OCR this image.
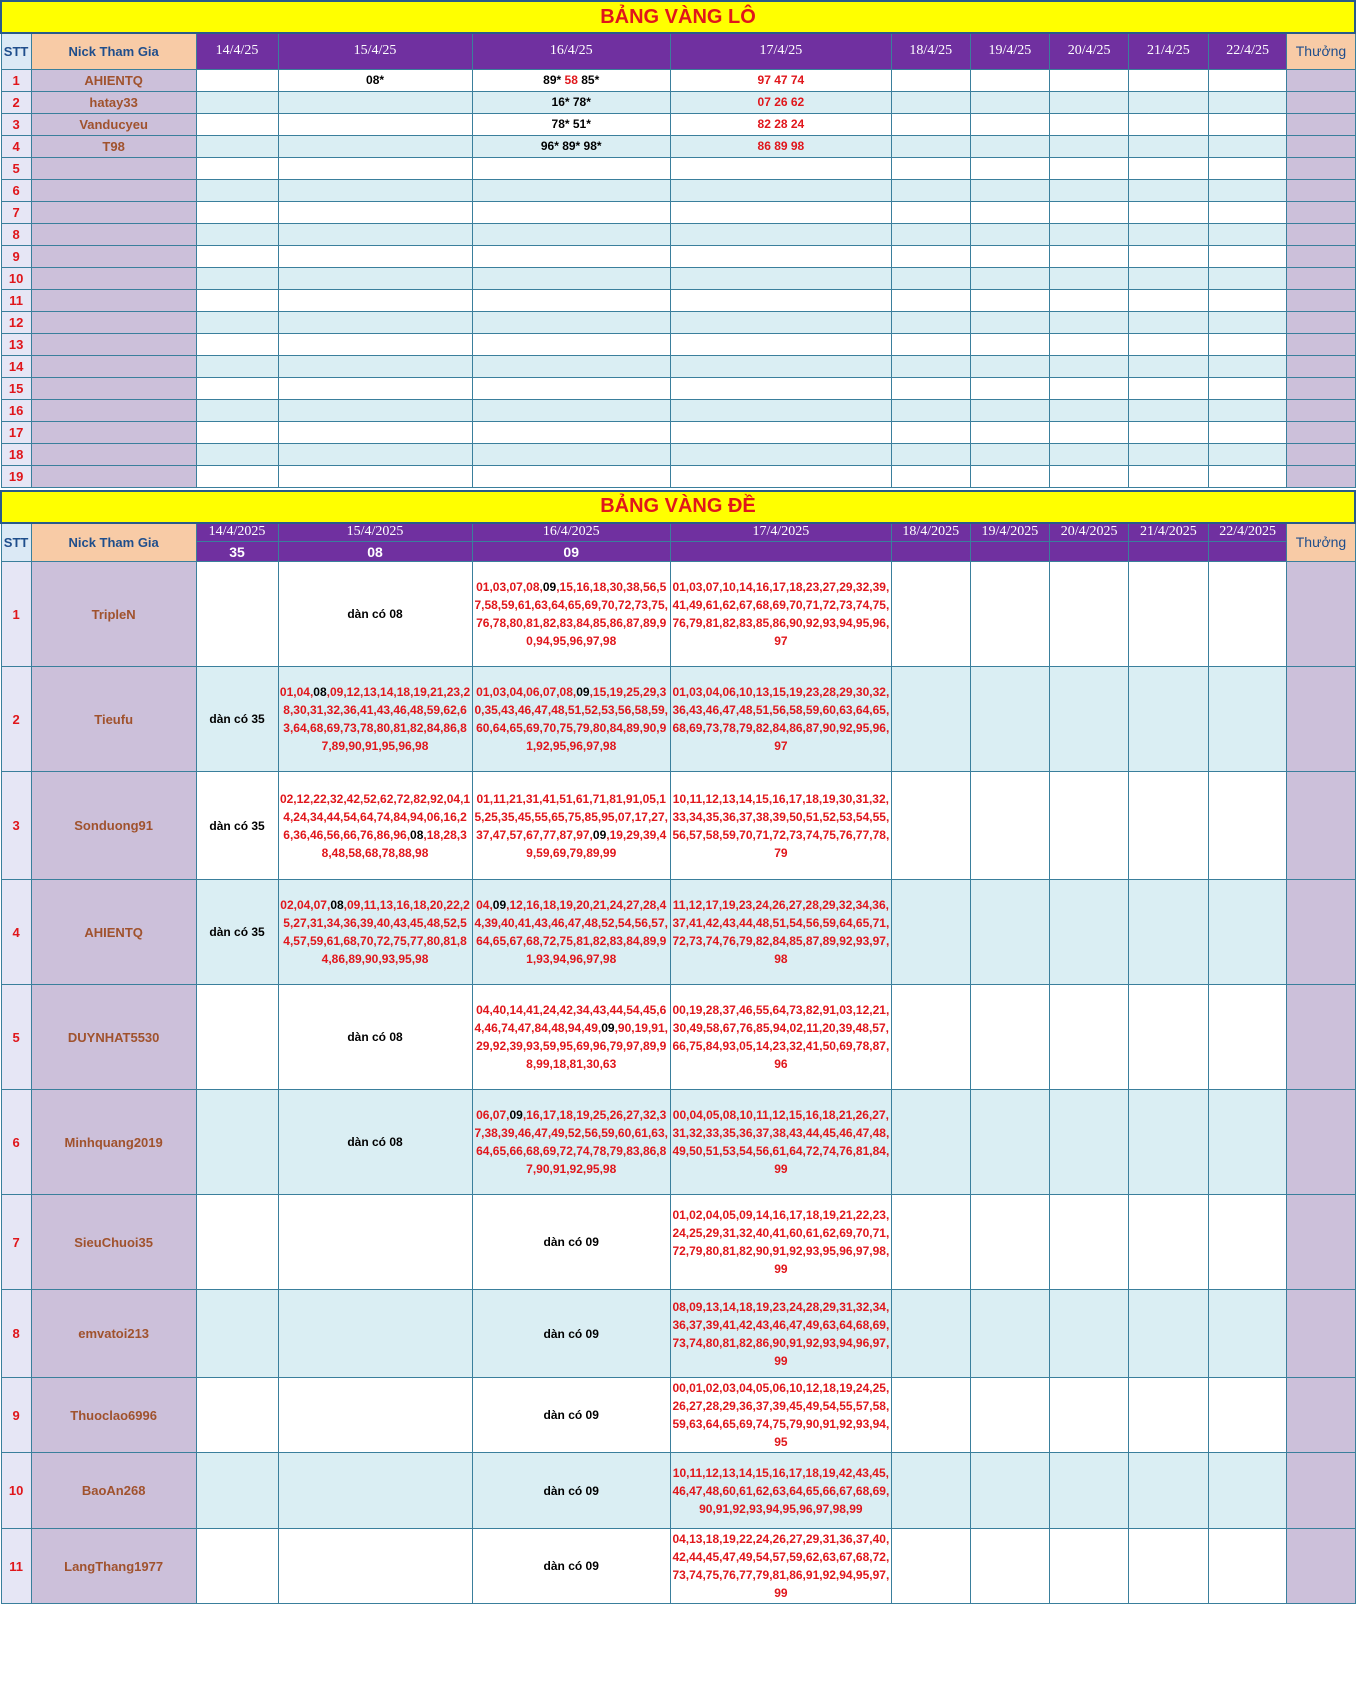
BẢNG VÀNG LÔ											
STT	Nick Tham Gia	14/4/25	15/4/25	16/4/25	17/4/25	18/4/25	19/4/25	20/4/25	21/4/25	22/4/25	Thưởng
1	AHIENTQ		08*	89* 58 85*	97 47 74						
2	hatay33			16* 78*	07 26 62						
3	Vanducyeu			78* 51*	82 28 24						
4	T98			96* 89* 98*	86 89 98						
5											
6											
7											
8											
9											
10											
11											
12											
13											
14											
15											
16											
17											
18											
19											
BẢNG VÀNG ĐỀ											
STT	Nick Tham Gia	14/4/2025	15/4/2025	16/4/2025	17/4/2025	18/4/2025	19/4/2025	20/4/2025	21/4/2025	22/4/2025	Thưởng
		35	08	09							
1	TripleN		dàn có 08	01,03,07,08,09,15,16,18,30,38,56,57,58,59,61,63,64,65,69,70,72,73,75,76,78,80,81,82,83,84,85,86,87,89,90,94,95,96,97,98	01,03,07,10,14,16,17,18,23,27,29,32,39,41,49,61,62,67,68,69,70,71,72,73,74,75,76,79,81,82,83,85,86,90,92,93,94,95,96,97						
2	Tieufu	dàn có 35	01,04,08,09,12,13,14,18,19,21,23,28,30,31,32,36,41,43,46,48,59,62,63,64,68,69,73,78,80,81,82,84,86,87,89,90,91,95,96,98	01,03,04,06,07,08,09,15,19,25,29,30,35,43,46,47,48,51,52,53,56,58,59,60,64,65,69,70,75,79,80,84,89,90,91,92,95,96,97,98	01,03,04,06,10,13,15,19,23,28,29,30,32,36,43,46,47,48,51,56,58,59,60,63,64,65,68,69,73,78,79,82,84,86,87,90,92,95,96,97						
3	Sonduong91	dàn có 35	02,12,22,32,42,52,62,72,82,92,04,14,24,34,44,54,64,74,84,94,06,16,26,36,46,56,66,76,86,96,08,18,28,38,48,58,68,78,88,98	01,11,21,31,41,51,61,71,81,91,05,15,25,35,45,55,65,75,85,95,07,17,27,37,47,57,67,77,87,97,09,19,29,39,49,59,69,79,89,99	10,11,12,13,14,15,16,17,18,19,30,31,32,33,34,35,36,37,38,39,50,51,52,53,54,55,56,57,58,59,70,71,72,73,74,75,76,77,78,79						
4	AHIENTQ	dàn có 35	02,04,07,08,09,11,13,16,18,20,22,25,27,31,34,36,39,40,43,45,48,52,54,57,59,61,68,70,72,75,77,80,81,84,86,89,90,93,95,98	04,09,12,16,18,19,20,21,24,27,28,44,39,40,41,43,46,47,48,52,54,56,57,64,65,67,68,72,75,81,82,83,84,89,91,93,94,96,97,98	11,12,17,19,23,24,26,27,28,29,32,34,36,37,41,42,43,44,48,51,54,56,59,64,65,71,72,73,74,76,79,82,84,85,87,89,92,93,97,98						
5	DUYNHAT5530		dàn có 08	04,40,14,41,24,42,34,43,44,54,45,64,46,74,47,84,48,94,49,09,90,19,91,29,92,39,93,59,95,69,96,79,97,89,98,99,18,81,30,63	00,19,28,37,46,55,64,73,82,91,03,12,21,30,49,58,67,76,85,94,02,11,20,39,48,57,66,75,84,93,05,14,23,32,41,50,69,78,87,96						
6	Minhquang2019		dàn có 08	06,07,09,16,17,18,19,25,26,27,32,37,38,39,46,47,49,52,56,59,60,61,63,64,65,66,68,69,72,74,78,79,83,86,87,90,91,92,95,98	00,04,05,08,10,11,12,15,16,18,21,26,27,31,32,33,35,36,37,38,43,44,45,46,47,48,49,50,51,53,54,56,61,64,72,74,76,81,84,99						
7	SieuChuoi35			dàn có 09	01,02,04,05,09,14,16,17,18,19,21,22,23,24,25,29,31,32,40,41,60,61,62,69,70,71,72,79,80,81,82,90,91,92,93,95,96,97,98,99						
8	emvatoi213			dàn có 09	08,09,13,14,18,19,23,24,28,29,31,32,34,36,37,39,41,42,43,46,47,49,63,64,68,69,73,74,80,81,82,86,90,91,92,93,94,96,97,99						
9	Thuoclao6996			dàn có 09	00,01,02,03,04,05,06,10,12,18,19,24,25,26,27,28,29,36,37,39,45,49,54,55,57,58,59,63,64,65,69,74,75,79,90,91,92,93,94,95						
10	BaoAn268			dàn có 09	10,11,12,13,14,15,16,17,18,19,42,43,45,46,47,48,60,61,62,63,64,65,66,67,68,69,90,91,92,93,94,95,96,97,98,99						
11	LangThang1977			dàn có 09	04,13,18,19,22,24,26,27,29,31,36,37,40,42,44,45,47,49,54,57,59,62,63,67,68,72,73,74,75,76,77,79,81,86,91,92,94,95,97,99						
